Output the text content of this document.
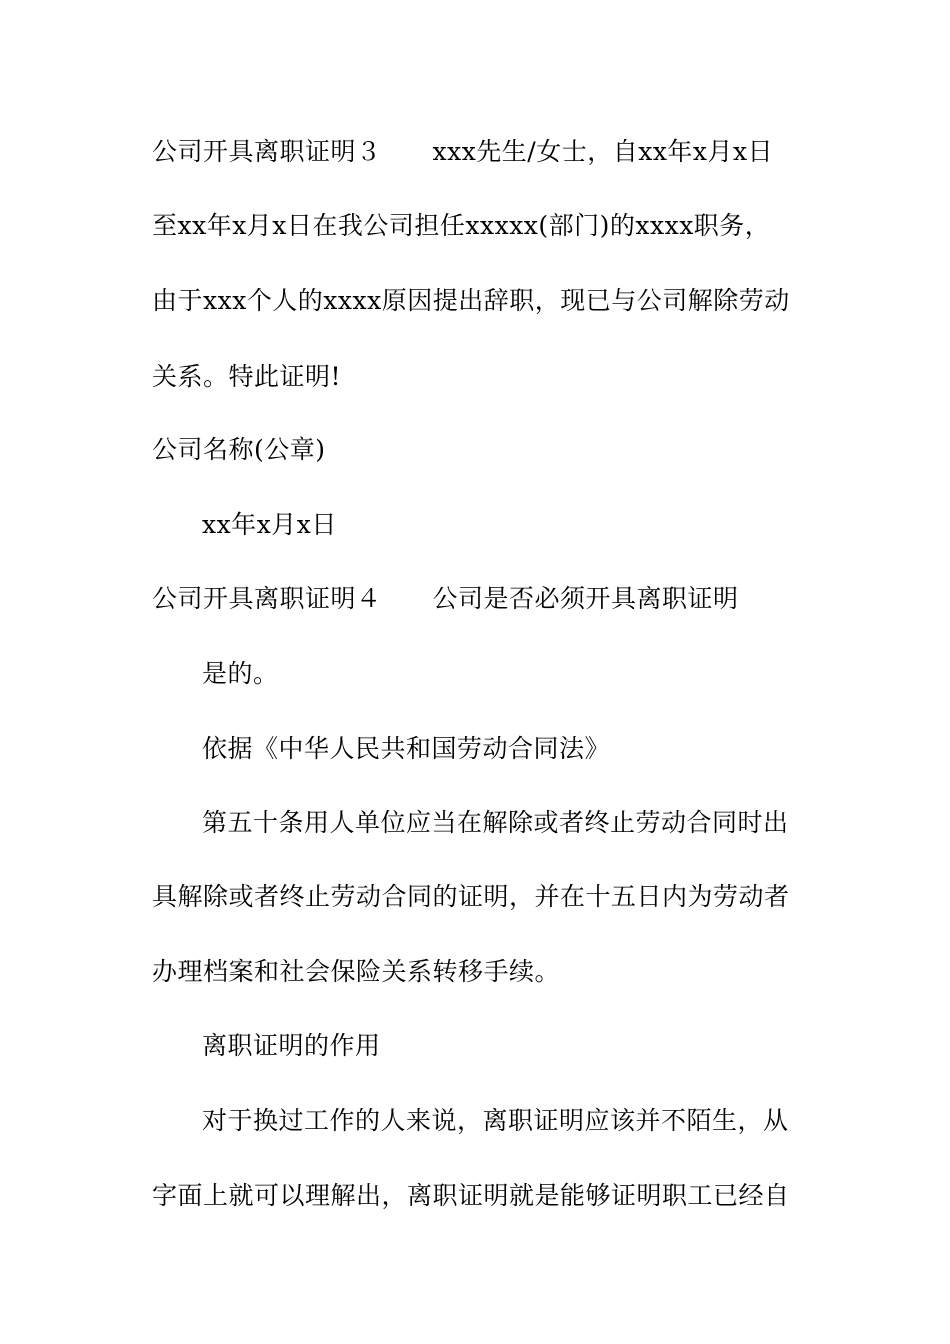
公司开具离职证明３　　xxx先生/女士，自xx年x月x日
至xx年x月x日在我公司担任xxxxx(部门)的xxxx职务，
由于xxx个人的xxxx原因提出辞职，现已与公司解除劳动
关系。特此证明!
公司名称(公章)
xx年x月x日
公司开具离职证明４　　公司是否必须开具离职证明
是的。
依据《中华人民共和国劳动合同法》
第五十条用人单位应当在解除或者终止劳动合同时出
具解除或者终止劳动合同的证明，并在十五日内为劳动者
办理档案和社会保险关系转移手续。
离职证明的作用
对于换过工作的人来说，离职证明应该并不陌生，从
字面上就可以理解出，离职证明就是能够证明职工已经自
